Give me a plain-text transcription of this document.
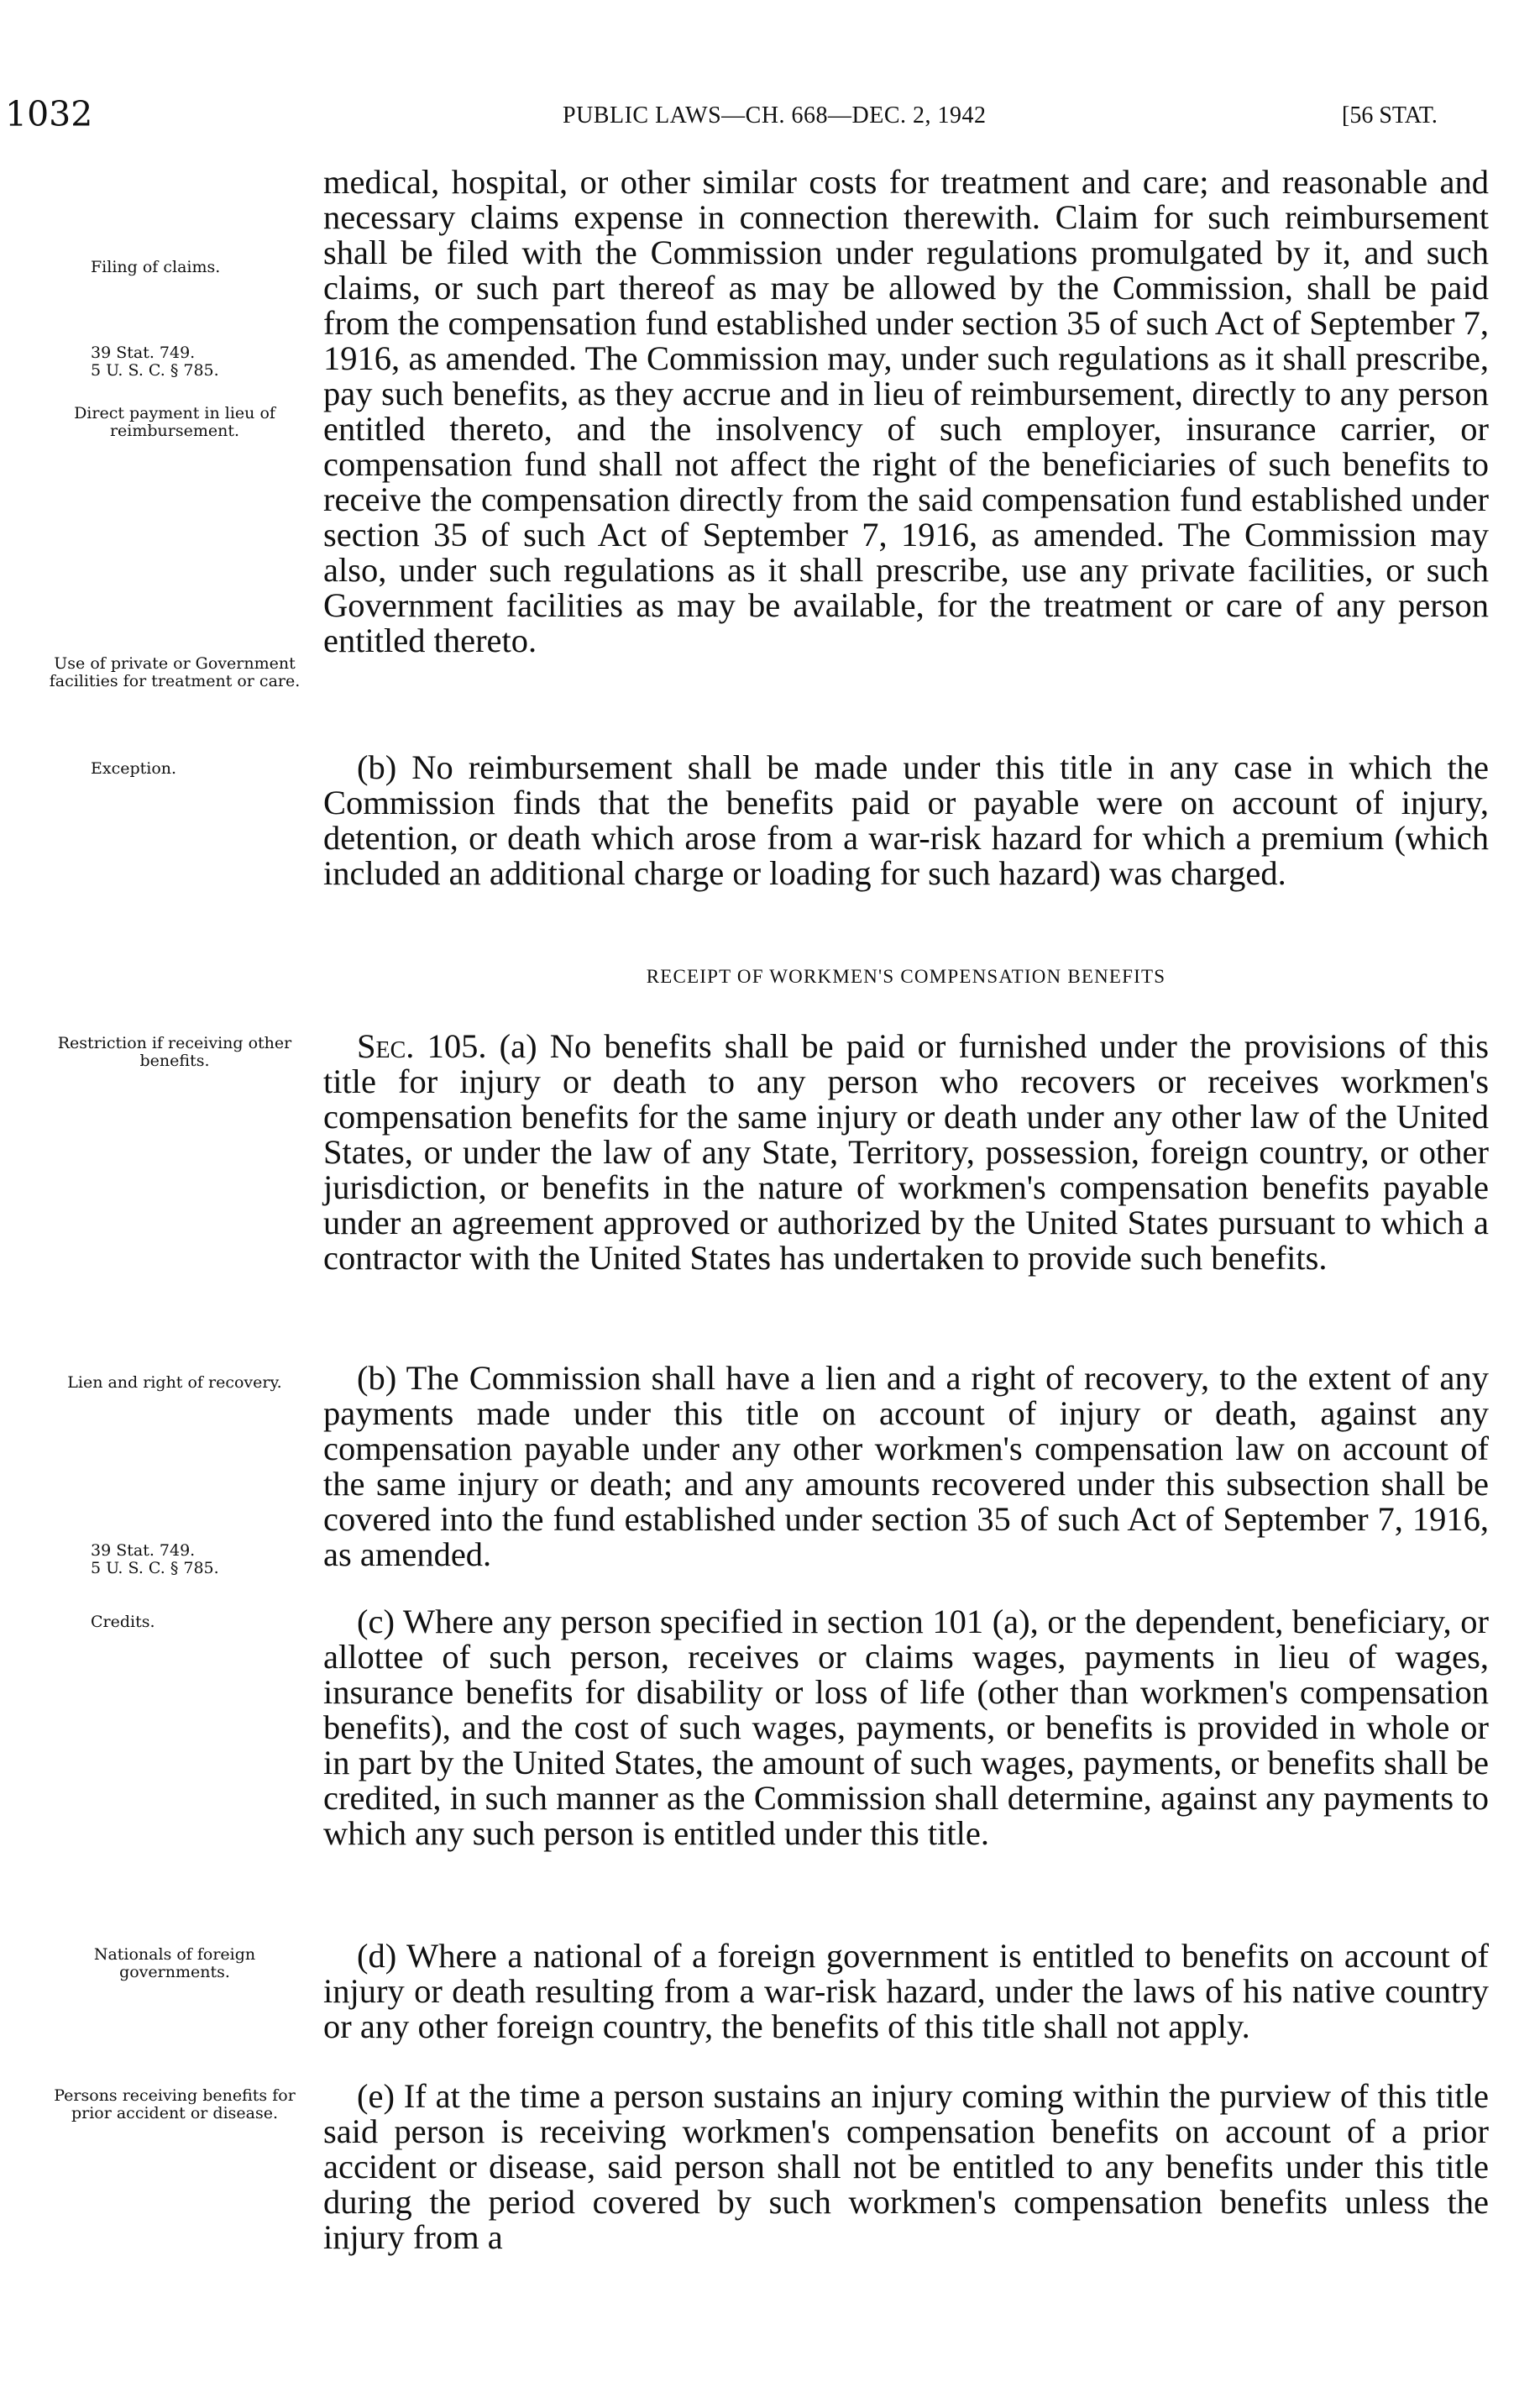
1032	PUBLIC LAWS—CH. 668—DEC. 2, 1942	[56 STAT.
Filing of claims.
39 Stat. 749.
5 U. S. C. § 785.
Direct payment in lieu of reimbursement.
Use of private or Government facilities for treatment or care.
Exception.
Restriction if receiving other benefits.
Lien and right of recovery.
39 Stat. 749.
5 U. S. C. § 785.
Credits.
Nationals of foreign governments.
Persons receiving benefits for prior accident or disease.
medical, hospital, or other similar costs for treatment and care; and reasonable and necessary claims expense in connection therewith. Claim for such reimbursement shall be filed with the Commission under regulations promulgated by it, and such claims, or such part thereof as may be allowed by the Commission, shall be paid from the compensation fund established under section 35 of such Act of September 7, 1916, as amended. The Commission may, under such regulations as it shall prescribe, pay such benefits, as they accrue and in lieu of reimbursement, directly to any person entitled thereto, and the insolvency of such employer, insurance carrier, or compensation fund shall not affect the right of the beneficiaries of such benefits to receive the compensation directly from the said compensation fund established under section 35 of such Act of September 7, 1916, as amended. The Commission may also, under such regulations as it shall prescribe, use any private facilities, or such Government facilities as may be available, for the treatment or care of any person entitled thereto.
(b) No reimbursement shall be made under this title in any case in which the Commission finds that the benefits paid or payable were on account of injury, detention, or death which arose from a war-risk hazard for which a premium (which included an additional charge or loading for such hazard) was charged.
RECEIPT OF WORKMEN'S COMPENSATION BENEFITS
Sec. 105. (a) No benefits shall be paid or furnished under the provisions of this title for injury or death to any person who recovers or receives workmen's compensation benefits for the same injury or death under any other law of the United States, or under the law of any State, Territory, possession, foreign country, or other jurisdiction, or benefits in the nature of workmen's compensation benefits payable under an agreement approved or authorized by the United States pursuant to which a contractor with the United States has undertaken to provide such benefits.
(b) The Commission shall have a lien and a right of recovery, to the extent of any payments made under this title on account of injury or death, against any compensation payable under any other workmen's compensation law on account of the same injury or death; and any amounts recovered under this subsection shall be covered into the fund established under section 35 of such Act of September 7, 1916, as amended.
(c) Where any person specified in section 101 (a), or the dependent, beneficiary, or allottee of such person, receives or claims wages, payments in lieu of wages, insurance benefits for disability or loss of life (other than workmen's compensation benefits), and the cost of such wages, payments, or benefits is provided in whole or in part by the United States, the amount of such wages, payments, or benefits shall be credited, in such manner as the Commission shall determine, against any payments to which any such person is entitled under this title.
(d) Where a national of a foreign government is entitled to benefits on account of injury or death resulting from a war-risk hazard, under the laws of his native country or any other foreign country, the benefits of this title shall not apply.
(e) If at the time a person sustains an injury coming within the purview of this title said person is receiving workmen's compensation benefits on account of a prior accident or disease, said person shall not be entitled to any benefits under this title during the period covered by such workmen's compensation benefits unless the injury from a
